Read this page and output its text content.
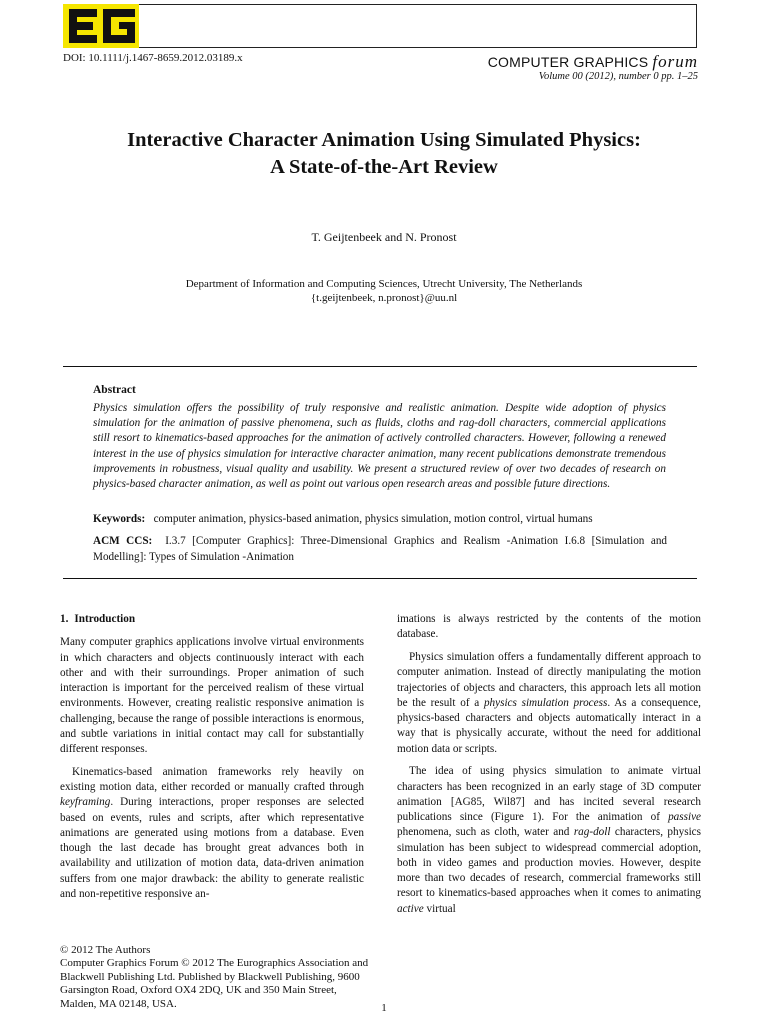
DOI: 10.1111/j.1467-8659.2012.03189.x	COMPUTER GRAPHICS forum
Volume 00 (2012), number 0 pp. 1–25
Interactive Character Animation Using Simulated Physics:
A State-of-the-Art Review
T. Geijtenbeek and N. Pronost
Department of Information and Computing Sciences, Utrecht University, The Netherlands
{t.geijtenbeek, n.pronost}@uu.nl
Abstract
Physics simulation offers the possibility of truly responsive and realistic animation. Despite wide adoption of physics simulation for the animation of passive phenomena, such as fluids, cloths and rag-doll characters, commercial applications still resort to kinematics-based approaches for the animation of actively controlled characters. However, following a renewed interest in the use of physics simulation for interactive character animation, many recent publications demonstrate tremendous improvements in robustness, visual quality and usability. We present a structured review of over two decades of research on physics-based character animation, as well as point out various open research areas and possible future directions.
Keywords: computer animation, physics-based animation, physics simulation, motion control, virtual humans
ACM CCS: I.3.7 [Computer Graphics]: Three-Dimensional Graphics and Realism -Animation I.6.8 [Simulation and Modelling]: Types of Simulation -Animation

1. Introduction

Many computer graphics applications involve virtual environments in which characters and objects continuously interact with each other and with their surroundings. Proper animation of such interaction is important for the perceived realism of these virtual environments. However, creating realistic responsive animation is challenging, because the range of possible interactions is enormous, and subtle variations in initial contact may call for substantially different responses.

Kinematics-based animation frameworks rely heavily on existing motion data, either recorded or manually crafted through keyframing. During interactions, proper responses are selected based on events, rules and scripts, after which representative animations are generated using motions from a database. Even though the last decade has brought great advances both in availability and utilization of motion data, data-driven animation suffers from one major drawback: the ability to generate realistic and non-repetitive responsive an-

imations is always restricted by the contents of the motion database.

Physics simulation offers a fundamentally different approach to computer animation. Instead of directly manipulating the motion trajectories of objects and characters, this approach lets all motion be the result of a physics simulation process. As a consequence, physics-based characters and objects automatically interact in a way that is physically accurate, without the need for additional motion data or scripts.

The idea of using physics simulation to animate virtual characters has been recognized in an early stage of 3D computer animation [AG85, Wil87] and has incited several research publications since (Figure 1). For the animation of passive phenomena, such as cloth, water and rag-doll characters, physics simulation has been subject to widespread commercial adoption, both in video games and production movies. However, despite more than two decades of research, commercial frameworks still resort to kinematics-based approaches when it comes to animating active virtual

© 2012 The Authors
Computer Graphics Forum © 2012 The Eurographics Association and Blackwell Publishing Ltd. Published by Blackwell Publishing, 9600 Garsington Road, Oxford OX4 2DQ, UK and 350 Main Street, Malden, MA 02148, USA.	1
